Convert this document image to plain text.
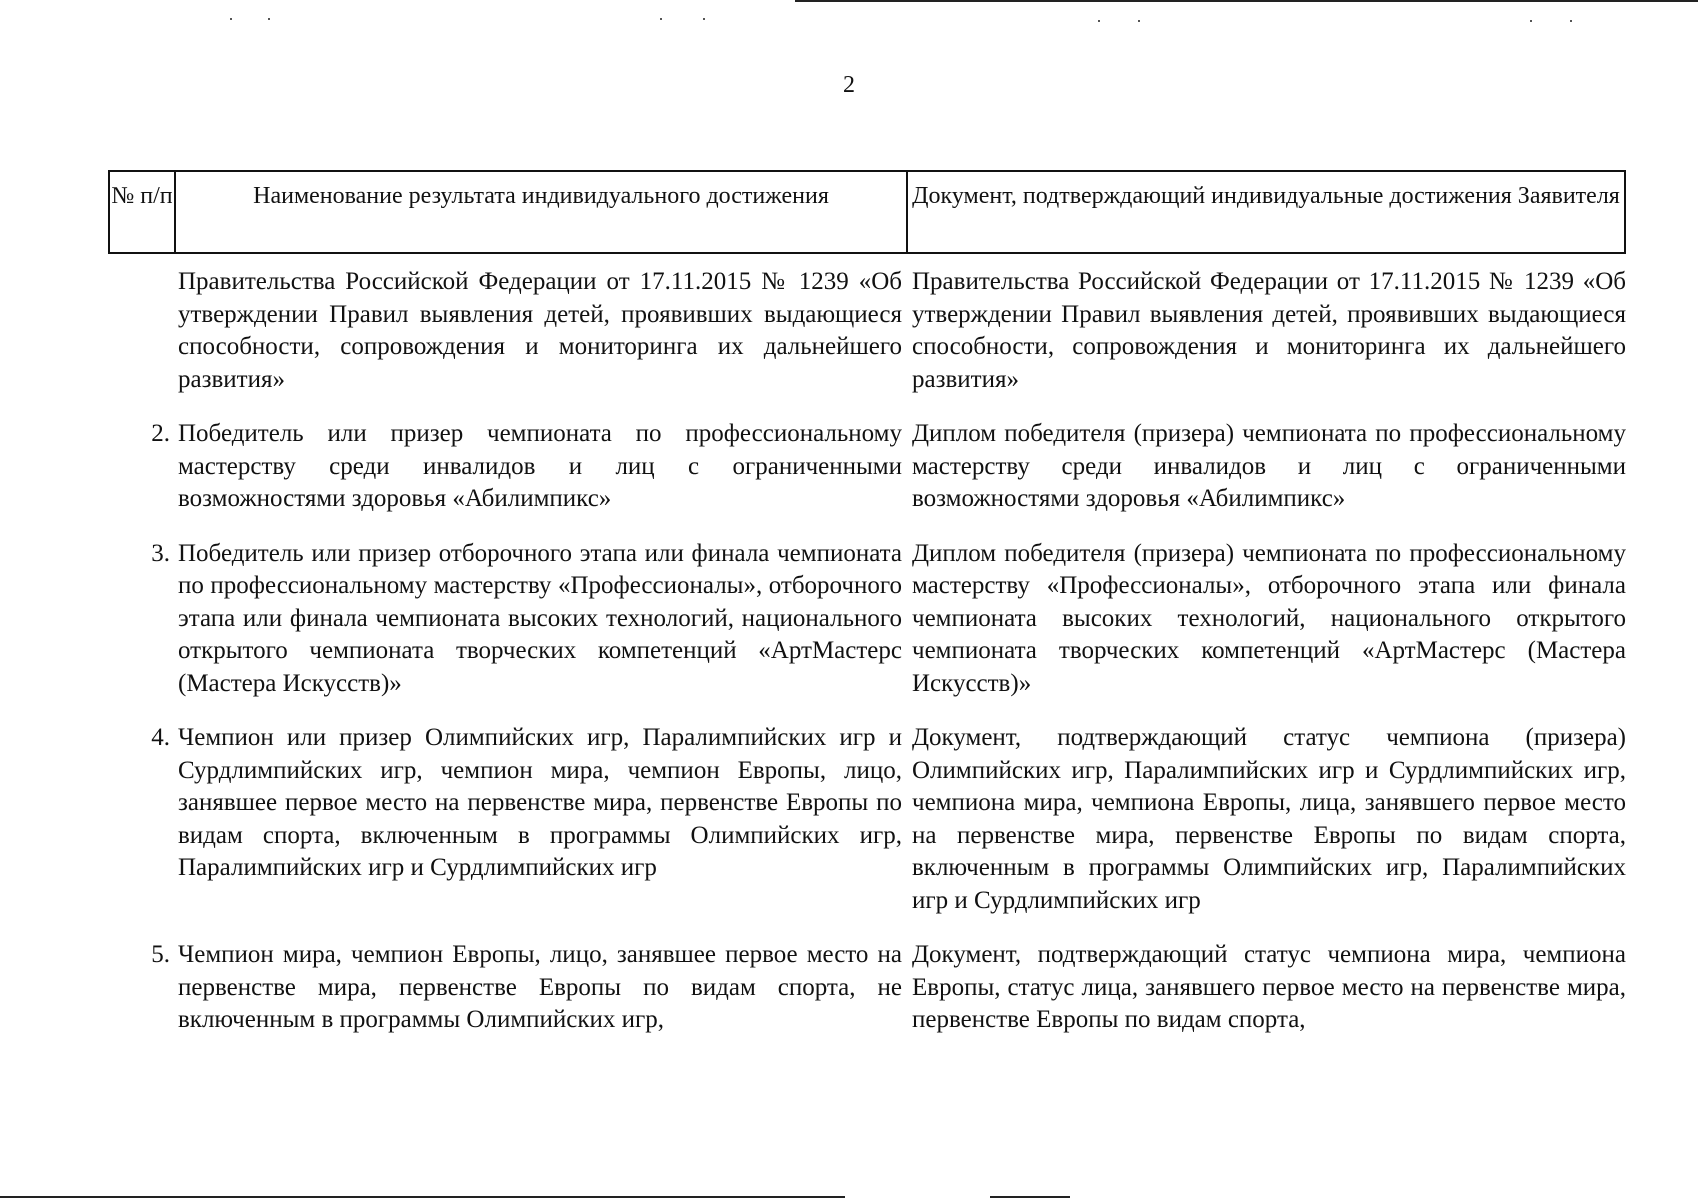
2
№ п/п	Наименование результата индивидуального достижения	Документ, подтверждающий индивидуальные достижения Заявителя
Правительства Российской Федерации от 17.11.2015 № 1239 «Об утверждении Правил выявления детей, проявивших выдающиеся способности, сопровождения и мониторинга их дальнейшего развития»
Правительства Российской Федерации от 17.11.2015 № 1239 «Об утверждении Правил выявления детей, проявивших выдающиеся способности, сопровождения и мониторинга их дальнейшего развития»
2. Победитель или призер чемпионата по профессиональному мастерству среди инвалидов и лиц с ограниченными возможностями здоровья «Абилимпикс»
Диплом победителя (призера) чемпионата по профессиональному мастерству среди инвалидов и лиц с ограниченными возможностями здоровья «Абилимпикс»
3. Победитель или призер отборочного этапа или финала чемпионата по профессиональному мастерству «Профессионалы», отборочного этапа или финала чемпионата высоких технологий, национального открытого чемпионата творческих компетенций «АртМастерс (Мастера Искусств)»
Диплом победителя (призера) чемпионата по профессиональному мастерству «Профессионалы», отборочного этапа или финала чемпионата высоких технологий, национального открытого чемпионата творческих компетенций «АртМастерс (Мастера Искусств)»
4. Чемпион или призер Олимпийских игр, Паралимпийских игр и Сурдлимпийских игр, чемпион мира, чемпион Европы, лицо, занявшее первое место на первенстве мира, первенстве Европы по видам спорта, включенным в программы Олимпийских игр, Паралимпийских игр и Сурдлимпийских игр
Документ, подтверждающий статус чемпиона (призера) Олимпийских игр, Паралимпийских игр и Сурдлимпийских игр, чемпиона мира, чемпиона Европы, лица, занявшего первое место на первенстве мира, первенстве Европы по видам спорта, включенным в программы Олимпийских игр, Паралимпийских игр и Сурдлимпийских игр
5. Чемпион мира, чемпион Европы, лицо, занявшее первое место на первенстве мира, первенстве Европы по видам спорта, не включенным в программы Олимпийских игр,
Документ, подтверждающий статус чемпиона мира, чемпиона Европы, статус лица, занявшего первое место на первенстве мира, первенстве Европы по видам спорта,
